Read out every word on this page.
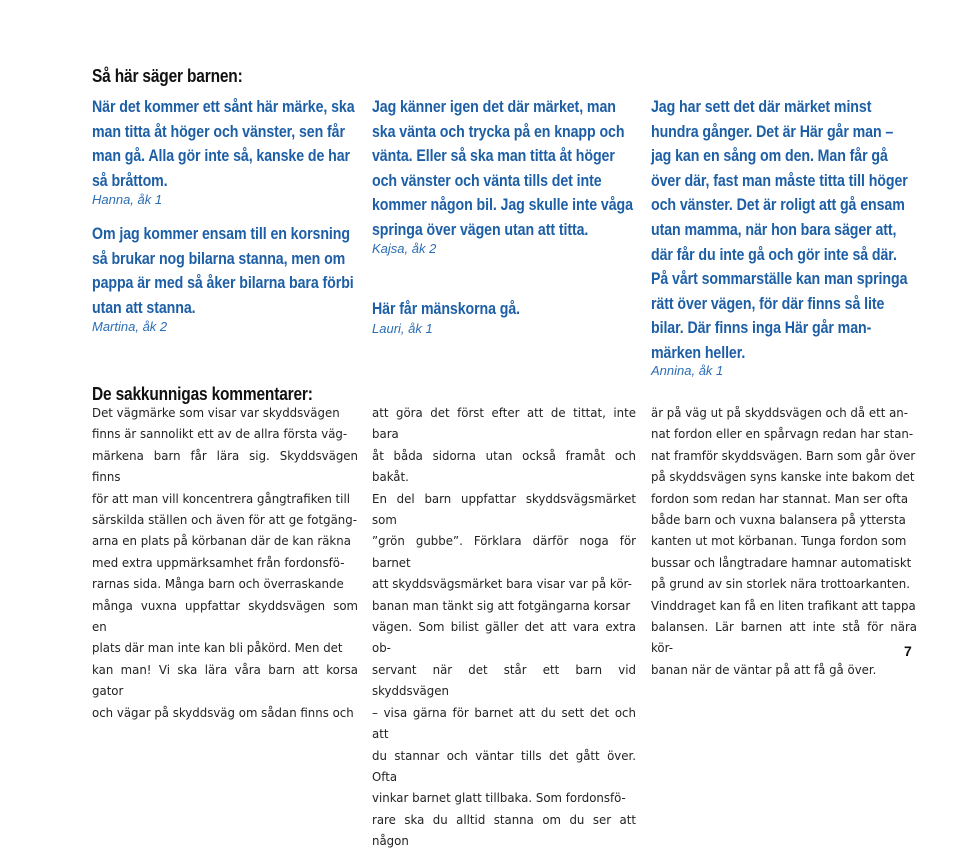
Så här säger barnen:
När det kommer ett sånt här märke, ska man titta åt höger och vänster, sen får man gå. Alla gör inte så, kanske de har så bråttom.
Hanna, åk 1
Om jag kommer ensam till en korsning så brukar nog bilarna stanna, men om pappa är med så åker bilarna bara förbi utan att stanna.
Martina, åk 2
De sakkunnigas kommentarer:
Det vägmärke som visar var skyddsvägen
finns är sannolikt ett av de allra första väg-
märkena barn får lära sig. Skyddsvägen finns
för att man vill koncentrera gångtrafiken till
särskilda ställen och även för att ge fotgäng-
arna en plats på körbanan där de kan räkna
med extra uppmärksamhet från fordonsfö-
rarnas sida. Många barn och överraskande
många vuxna uppfattar skyddsvägen som en
plats där man inte kan bli påkörd. Men det
kan man! Vi ska lära våra barn att korsa gator
och vägar på skyddsväg om sådan finns och
Jag känner igen det där märket, man ska vänta och trycka på en knapp och vänta. Eller så ska man titta åt höger och vänster och vänta tills det inte kommer någon bil. Jag skulle inte våga springa över vägen utan att titta.
Kajsa, åk 2
Här får mänskorna gå.
Lauri, åk 1
att göra det först efter att de tittat, inte bara
åt båda sidorna utan också framåt och bakåt.
En del barn uppfattar skyddsvägsmärket som
”grön gubbe”. Förklara därför noga för barnet
att skyddsvägsmärket bara visar var på kör-
banan man tänkt sig att fotgängarna korsar
vägen. Som bilist gäller det att vara extra ob-
servant när det står ett barn vid skyddsvägen
– visa gärna för barnet att du sett det och att
du stannar och väntar tills det gått över. Ofta
vinkar barnet glatt tillbaka. Som fordonsfö-
rare ska du alltid stanna om du ser att någon
Jag har sett det där märket minst hundra gånger. Det är Här går man – jag kan en sång om den. Man får gå över där, fast man måste titta till höger och vänster. Det är roligt att gå ensam utan mamma, när hon bara säger att, där får du inte gå och gör inte så där. På vårt sommarställe kan man springa rätt över vägen, för där finns så lite bilar. Där finns inga Här går man-märken heller.
Annina, åk 1
är på väg ut på skyddsvägen och då ett an-
nat fordon eller en spårvagn redan har stan-
nat framför skyddsvägen. Barn som går över
på skyddsvägen syns kanske inte bakom det
fordon som redan har stannat. Man ser ofta
både barn och vuxna balansera på yttersta
kanten ut mot körbanan. Tunga fordon som
bussar och långtradare hamnar automatiskt
på grund av sin storlek nära trottoarkanten.
Vinddraget kan få en liten trafikant att tappa
balansen. Lär barnen att inte stå för nära kör-
banan när de väntar på att få gå över.
7
